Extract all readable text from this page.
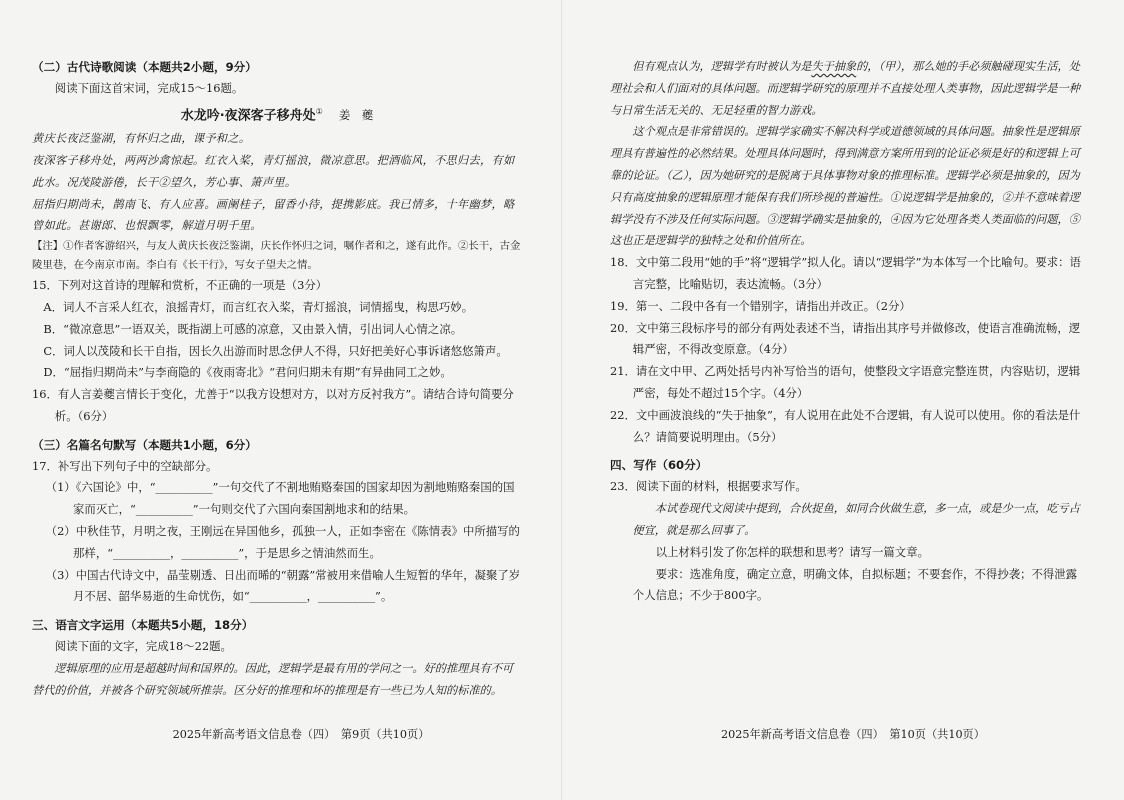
（二）古代诗歌阅读（本题共2小题，9分）

阅读下面这首宋词，完成15～16题。

水龙吟·夜深客子移舟处① 姜　夔

黄庆长夜泛鉴湖，有怀归之曲，课予和之。

夜深客子移舟处，两两沙禽惊起。红衣入桨，青灯摇浪，微凉意思。把酒临风，不思归去，有如此水。况茂陵游倦，长干②望久，芳心事、箫声里。

屈指归期尚未，鹊南飞、有人应喜。画阑桂子，留香小待，提携影底。我已情多，十年幽梦，略曾如此。甚谢郎、也恨飘零，解道月明千里。

【注】①作者客游绍兴，与友人黄庆长夜泛鉴湖，庆长作怀归之词，嘱作者和之，遂有此作。②长干，古金陵里巷，在今南京市南。李白有《长干行》，写女子望夫之情。

15．下列对这首诗的理解和赏析，不正确的一项是（3分）

A．词人不言采人红衣，浪摇青灯，而言红衣入桨，青灯摇浪，词情摇曳，构思巧妙。

B．“微凉意思”一语双关，既指湖上可感的凉意，又由景入情，引出词人心情之凉。

C．词人以茂陵和长干自指，因长久出游而时思念伊人不得，只好把美好心事诉诸悠悠箫声。

D．“屈指归期尚未”与李商隐的《夜雨寄北》“君问归期未有期”有异曲同工之妙。

16．有人言姜夔言情长于变化，尤善于“以我方设想对方，以对方反衬我方”。请结合诗句简要分析。（6分）

（三）名篇名句默写（本题共1小题，6分）

17．补写出下列句子中的空缺部分。

（1）《六国论》中，“__________”一句交代了不割地贿赂秦国的国家却因为割地贿赂秦国的国家而灭亡，“__________”一句则交代了六国向秦国割地求和的结果。

（2）中秋佳节，月明之夜，王刚远在异国他乡，孤独一人，正如李密在《陈情表》中所描写的那样，“__________，__________”，于是思乡之情油然而生。

（3）中国古代诗文中，晶莹剔透、日出而晞的“朝露”常被用来借喻人生短暂的华年，凝聚了岁月不居、韶华易逝的生命忧伤，如“__________，__________”。

三、语言文字运用（本题共5小题，18分）

阅读下面的文字，完成18～22题。

逻辑原理的应用是超越时间和国界的。因此，逻辑学是最有用的学问之一。好的推理具有不可替代的价值，并被各个研究领域所推崇。区分好的推理和坏的推理是有一些已为人知的标准的。

2025年新高考语文信息卷（四）　第9页（共10页）

但有观点认为，逻辑学有时被认为是失于抽象的，（甲），那么她的手必须触碰现实生活，处理社会和人们面对的具体问题。而逻辑学研究的原理并不直接处理人类事物，因此逻辑学是一种与日常生活无关的、无足轻重的智力游戏。

这个观点是非常错误的。逻辑学家确实不解决科学或道德领域的具体问题。抽象性是逻辑原理具有普遍性的必然结果。处理具体问题时，得到满意方案所用到的论证必须是好的和逻辑上可靠的论证。（乙），因为她研究的是脱离于具体事物对象的推理标准。逻辑学必须是抽象的，因为只有高度抽象的逻辑原理才能保有我们所珍视的普遍性。①说逻辑学是抽象的，②并不意味着逻辑学没有不涉及任何实际问题。③逻辑学确实是抽象的，④因为它处理各类人类面临的问题，⑤这也正是逻辑学的独特之处和价值所在。

18．文中第二段用“她的手”将“逻辑学”拟人化。请以“逻辑学”为本体写一个比喻句。要求：语言完整，比喻贴切，表达流畅。（3分）

19．第一、二段中各有一个错别字，请指出并改正。（2分）

20．文中第三段标序号的部分有两处表述不当，请指出其序号并做修改，使语言准确流畅，逻辑严密，不得改变原意。（4分）

21．请在文中甲、乙两处括号内补写恰当的语句，使整段文字语意完整连贯，内容贴切，逻辑严密，每处不超过15个字。（4分）

22．文中画波浪线的“失于抽象”，有人说用在此处不合逻辑，有人说可以使用。你的看法是什么？请简要说明理由。（5分）

四、写作（60分）

23．阅读下面的材料，根据要求写作。

本试卷现代文阅读中提到，合伙捉鱼，如同合伙做生意，多一点，或是少一点，吃亏占便宜，就是那么回事了。

以上材料引发了你怎样的联想和思考？请写一篇文章。

要求：选准角度，确定立意，明确文体，自拟标题；不要套作，不得抄袭；不得泄露个人信息；不少于800字。

2025年新高考语文信息卷（四）　第10页（共10页）
